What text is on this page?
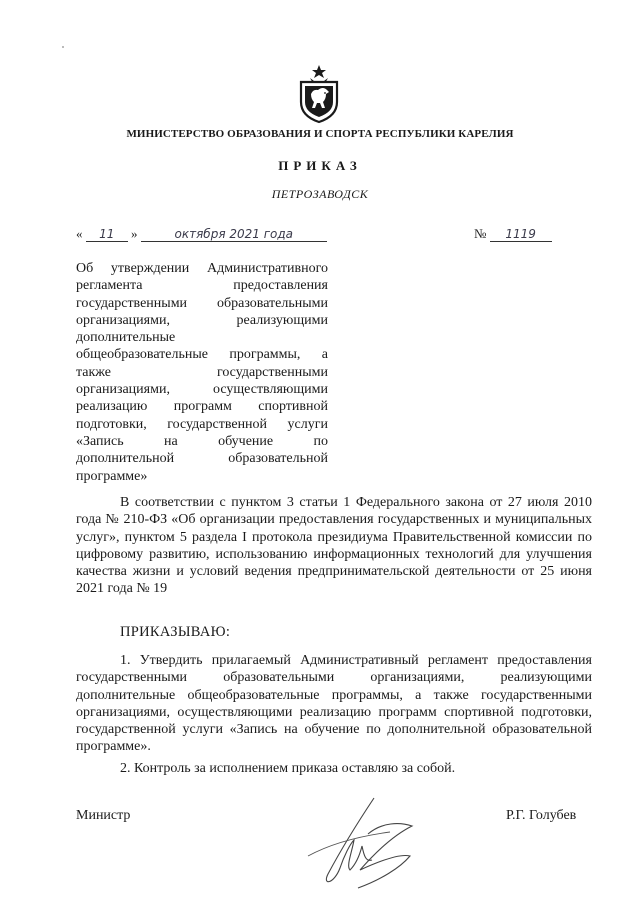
МИНИСТЕРСТВО ОБРАЗОВАНИЯ И СПОРТА РЕСПУБЛИКИ КАРЕЛИЯ
ПРИКАЗ
ПЕТРОЗАВОДСК
« 11 »	октября 2021 года	№ 1119
Об утверждении Административного
регламента предоставления
государственными образовательными
организациями, реализующими
дополнительные
общеобразовательные программы, а
также государственными
организациями, осуществляющими
реализацию программ спортивной
подготовки, государственной услуги
«Запись на обучение по
дополнительной образовательной
программе»
В соответствии с пунктом 3 статьи 1 Федерального закона от 27 июля 2010 года № 210-ФЗ «Об организации предоставления государственных и муниципальных услуг», пунктом 5 раздела I протокола президиума Правительственной комиссии по цифровому развитию, использованию информационных технологий для улучшения качества жизни и условий ведения предпринимательской деятельности от 25 июня 2021 года № 19
ПРИКАЗЫВАЮ:
1. Утвердить прилагаемый Административный регламент предоставления государственными образовательными организациями, реализующими дополнительные общеобразовательные программы, а также государственными организациями, осуществляющими реализацию программ спортивной подготовки, государственной услуги «Запись на обучение по дополнительной образовательной программе».
2. Контроль за исполнением приказа оставляю за собой.
Министр	Р.Г. Голубев
